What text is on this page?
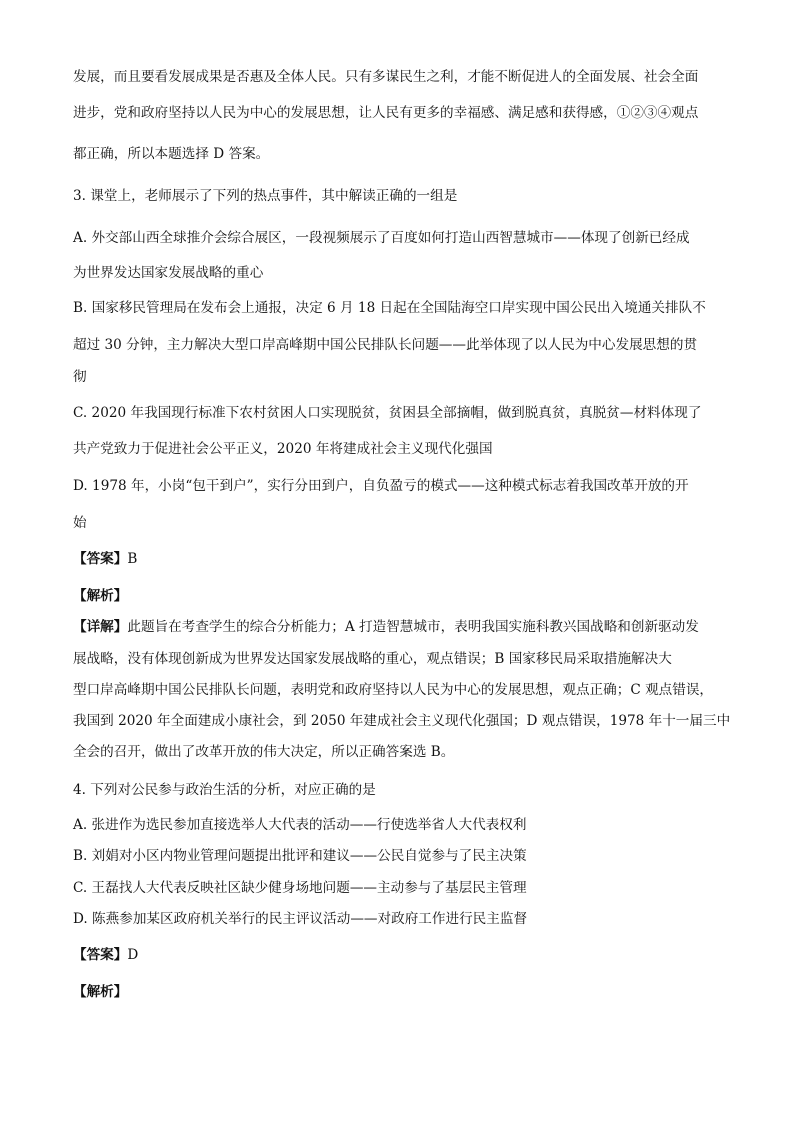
发展，而且要看发展成果是否惠及全体人民。只有多谋民生之利，才能不断促进人的全面发展、社会全面
进步，党和政府坚持以人民为中心的发展思想，让人民有更多的幸福感、满足感和获得感，①②③④观点
都正确，所以本题选择 D 答案。
3. 课堂上，老师展示了下列的热点事件，其中解读正确的一组是
A. 外交部山西全球推介会综合展区，一段视频展示了百度如何打造山西智慧城市——体现了创新已经成
为世界发达国家发展战略的重心
B. 国家移民管理局在发布会上通报，决定 6 月 18 日起在全国陆海空口岸实现中国公民出入境通关排队不
超过 30 分钟，主力解决大型口岸高峰期中国公民排队长问题——此举体现了以人民为中心发展思想的贯
彻
C. 2020 年我国现行标准下农村贫困人口实现脱贫，贫困县全部摘帽，做到脱真贫，真脱贫—材料体现了
共产党致力于促进社会公平正义，2020 年将建成社会主义现代化强国
D. 1978 年，小岗“包干到户”，实行分田到户，自负盈亏的模式——这种模式标志着我国改革开放的开
始
【答案】B
【解析】
【详解】此题旨在考查学生的综合分析能力；A 打造智慧城市，表明我国实施科教兴国战略和创新驱动发
展战略，没有体现创新成为世界发达国家发展战略的重心，观点错误；B 国家移民局采取措施解决大
型口岸高峰期中国公民排队长问题，表明党和政府坚持以人民为中心的发展思想，观点正确；C 观点错误，
我国到 2020 年全面建成小康社会，到 2050 年建成社会主义现代化强国；D 观点错误，1978 年十一届三中
全会的召开，做出了改革开放的伟大决定，所以正确答案选 B。
4. 下列对公民参与政治生活的分析，对应正确的是
A. 张进作为选民参加直接选举人大代表的活动——行使选举省人大代表权利
B. 刘娟对小区内物业管理问题提出批评和建议——公民自觉参与了民主决策
C. 王磊找人大代表反映社区缺少健身场地问题——主动参与了基层民主管理
D. 陈燕参加某区政府机关举行的民主评议活动——对政府工作进行民主监督
【答案】D
【解析】
